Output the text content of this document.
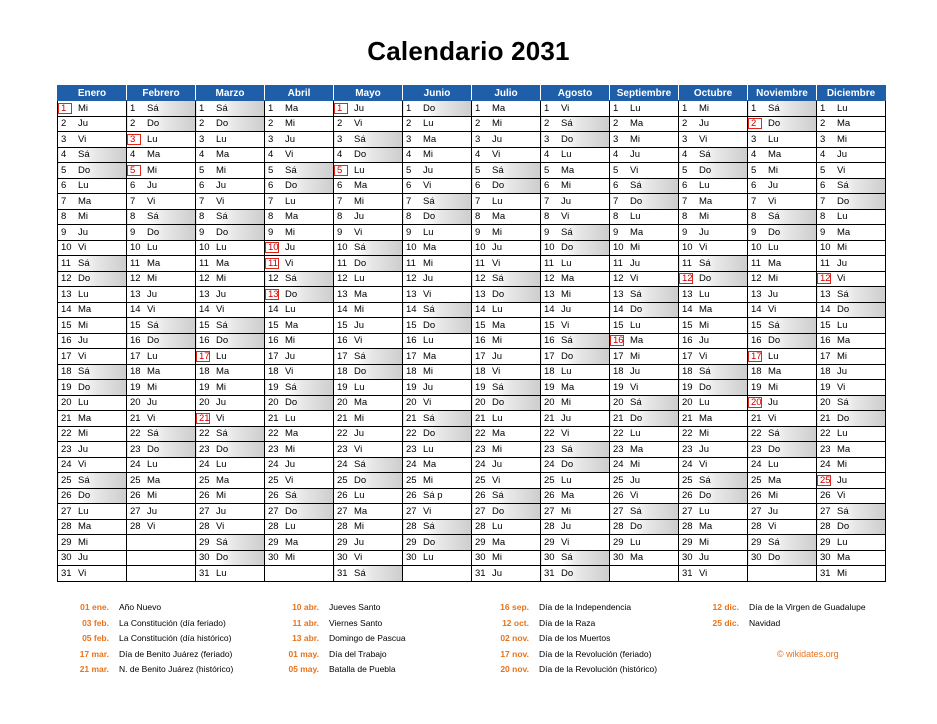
Calendario 2031
Enero	Febrero	Marzo	Abril	Mayo	Junio	Julio	Agosto	Septiembre	Octubre	Noviembre	Diciembre
1 Mi	1 Sá	1 Sá	1 Ma	1 Ju	1 Do	1 Ma	1 Vi	1 Lu	1 Mi	1 Sá	1 Lu
2 Ju	2 Do	2 Do	2 Mi	2 Vi	2 Lu	2 Mi	2 Sá	2 Ma	2 Ju	2 Do	2 Ma
3 Vi	3 Lu	3 Lu	3 Ju	3 Sá	3 Ma	3 Ju	3 Do	3 Mi	3 Vi	3 Lu	3 Mi
4 Sá	4 Ma	4 Ma	4 Vi	4 Do	4 Mi	4 Vi	4 Lu	4 Ju	4 Sá	4 Ma	4 Ju
5 Do	5 Mi	5 Mi	5 Sá	5 Lu	5 Ju	5 Sá	5 Ma	5 Vi	5 Do	5 Mi	5 Vi
6 Lu	6 Ju	6 Ju	6 Do	6 Ma	6 Vi	6 Do	6 Mi	6 Sá	6 Lu	6 Ju	6 Sá
7 Ma	7 Vi	7 Vi	7 Lu	7 Mi	7 Sá	7 Lu	7 Ju	7 Do	7 Ma	7 Vi	7 Do
8 Mi	8 Sá	8 Sá	8 Ma	8 Ju	8 Do	8 Ma	8 Vi	8 Lu	8 Mi	8 Sá	8 Lu
9 Ju	9 Do	9 Do	9 Mi	9 Vi	9 Lu	9 Mi	9 Sá	9 Ma	9 Ju	9 Do	9 Ma
10 Vi	10 Lu	10 Lu	10 Ju	10 Sá	10 Ma	10 Ju	10 Do	10 Mi	10 Vi	10 Lu	10 Mi
11 Sá	11 Ma	11 Ma	11 Vi	11 Do	11 Mi	11 Vi	11 Lu	11 Ju	11 Sá	11 Ma	11 Ju
12 Do	12 Mi	12 Mi	12 Sá	12 Lu	12 Ju	12 Sá	12 Ma	12 Vi	12 Do	12 Mi	12 Vi
13 Lu	13 Ju	13 Ju	13 Do	13 Ma	13 Vi	13 Do	13 Mi	13 Sá	13 Lu	13 Ju	13 Sá
14 Ma	14 Vi	14 Vi	14 Lu	14 Mi	14 Sá	14 Lu	14 Ju	14 Do	14 Ma	14 Vi	14 Do
15 Mi	15 Sá	15 Sá	15 Ma	15 Ju	15 Do	15 Ma	15 Vi	15 Lu	15 Mi	15 Sá	15 Lu
16 Ju	16 Do	16 Do	16 Mi	16 Vi	16 Lu	16 Mi	16 Sá	16 Ma	16 Ju	16 Do	16 Ma
17 Vi	17 Lu	17 Lu	17 Ju	17 Sá	17 Ma	17 Ju	17 Do	17 Mi	17 Vi	17 Lu	17 Mi
18 Sá	18 Ma	18 Ma	18 Vi	18 Do	18 Mi	18 Vi	18 Lu	18 Ju	18 Sá	18 Ma	18 Ju
19 Do	19 Mi	19 Mi	19 Sá	19 Lu	19 Ju	19 Sá	19 Ma	19 Vi	19 Do	19 Mi	19 Vi
20 Lu	20 Ju	20 Ju	20 Do	20 Ma	20 Vi	20 Do	20 Mi	20 Sá	20 Lu	20 Ju	20 Sá
21 Ma	21 Vi	21 Vi	21 Lu	21 Mi	21 Sá	21 Lu	21 Ju	21 Do	21 Ma	21 Vi	21 Do
22 Mi	22 Sá	22 Sá	22 Ma	22 Ju	22 Do	22 Ma	22 Vi	22 Lu	22 Mi	22 Sá	22 Lu
23 Ju	23 Do	23 Do	23 Mi	23 Vi	23 Lu	23 Mi	23 Sá	23 Ma	23 Ju	23 Do	23 Ma
24 Vi	24 Lu	24 Lu	24 Ju	24 Sá	24 Ma	24 Ju	24 Do	24 Mi	24 Vi	24 Lu	24 Mi
25 Sá	25 Ma	25 Ma	25 Vi	25 Do	25 Mi	25 Vi	25 Lu	25 Ju	25 Sá	25 Ma	25 Ju
26 Do	26 Mi	26 Mi	26 Sá	26 Lu	26 Sá p	26 Sá	26 Ma	26 Vi	26 Do	26 Mi	26 Vi
27 Lu	27 Ju	27 Ju	27 Do	27 Ma	27 Vi	27 Do	27 Mi	27 Sá	27 Lu	27 Ju	27 Sá
28 Ma	28 Vi	28 Vi	28 Lu	28 Mi	28 Sá	28 Lu	28 Ju	28 Do	28 Ma	28 Vi	28 Do
29 Mi		29 Sá	29 Ma	29 Ju	29 Do	29 Ma	29 Vi	29 Lu	29 Mi	29 Sá	29 Lu
30 Ju		30 Do	30 Mi	30 Vi	30 Lu	30 Mi	30 Sá	30 Ma	30 Ju	30 Do	30 Ma
31 Vi		31 Lu		31 Sá		31 Ju	31 Do		31 Vi		31 Mi
01 ene. Año Nuevo
03 feb. La Constitución (día feriado)
05 feb. La Constitución (día histórico)
17 mar. Día de Benito Juárez (feriado)
21 mar. N. de Benito Juárez (histórico)
10 abr. Jueves Santo
11 abr. Viernes Santo
13 abr. Domingo de Pascua
01 may. Día del Trabajo
05 may. Batalla de Puebla
16 sep. Día de la Independencia
12 oct. Día de la Raza
02 nov. Día de los Muertos
17 nov. Día de la Revolución (feriado)
20 nov. Día de la Revolución (histórico)
12 dic. Día de la Virgen de Guadalupe
25 dic. Navidad
© wikidates.org
